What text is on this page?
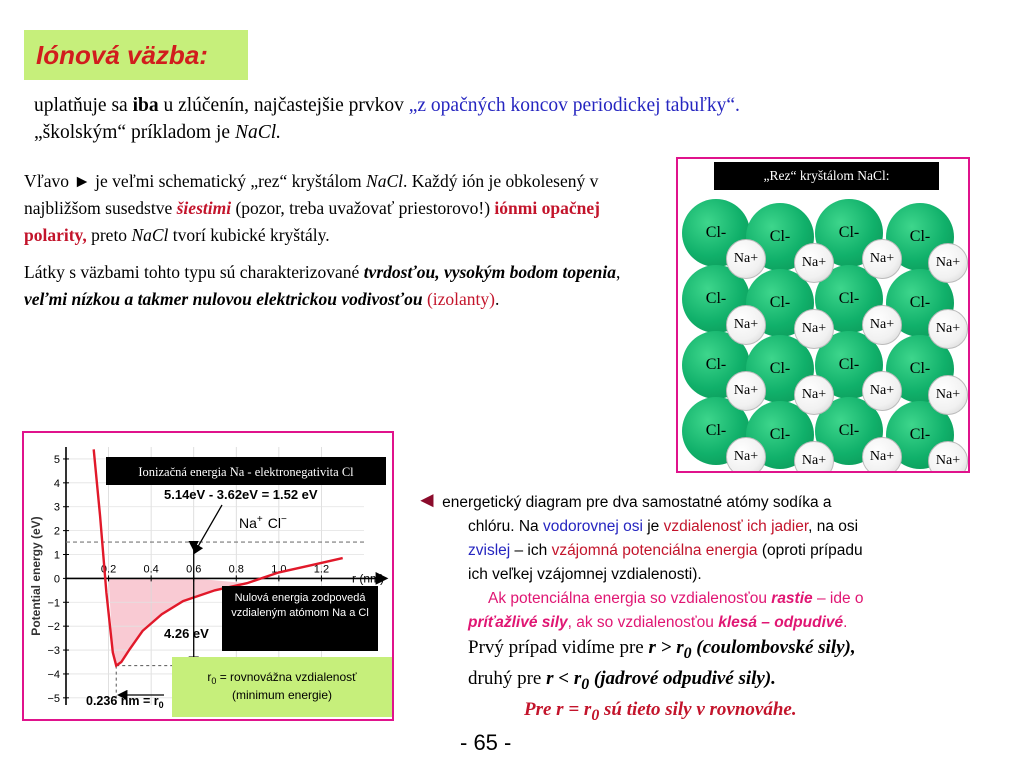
Iónová väzba:
uplatňuje sa iba u zlúčenín, najčastejšie prvkov „z opačných koncov periodickej tabuľky“.
„školským“ príkladom je NaCl.

Vľavo ► je veľmi schematický „rez“ kryštálom NaCl. Každý ión je obkolesený v najbližšom susedstve šiestimi (pozor, treba uvažovať priestorovo!) iónmi opačnej polarity, preto NaCl tvorí kubické kryštály.

Látky s väzbami tohto typu sú charakterizované tvrdosťou, vysokým bodom topenia, veľmi nízkou a takmer nulovou elektrickou vodivosťou (izolanty).

„Rez“ kryštálom NaCl:
Cl-	Cl-	Cl-	Cl-
Cl-	Cl-	Cl-	Cl-
Cl-	Cl-	Cl-	Cl-
Cl-	Cl-	Cl-	Cl-
Na+	Na+	Na+	Na+
Na+	Na+	Na+	Na+
Na+	Na+	Na+	Na+
Na+	Na+	Na+	Na+
0.2 0.4 0.6 0.8 1.0 1.2
5
4
3
2
1
0
−1
−2
−3
−4
−5
Potential energy (eV)	r (nm)
Ionizačná energia Na - elektronegativita Cl
5.14eV - 3.62eV = 1.52 eV
Na+ Cl−
Nulová energia zodpovedá vzdialeným atómom Na a Cl
4.26 eV
0.236 nm = $r_0$
$r_0$ = rovnovážna vzdialenosť
(minimum energie)
◄ energetický diagram pre dva samostatné atómy sodíka a
chlóru. Na vodorovnej osi je vzdialenosť ich jadier, na osi
zvislej – ich vzájomná potenciálna energia (oproti prípadu
ich veľkej vzájomnej vzdialenosti).
Ak potenciálna energia so vzdialenosťou rastie – ide o
príťažlivé sily, ak so vzdialenosťou klesá – odpudivé.
Prvý prípad vidíme pre $r > r_0$ (coulombovské sily),
druhý pre $r < r_0$ (jadrové odpudivé sily).
Pre $r = r_0$ sú tieto sily v rovnováhe.
- 65 -
